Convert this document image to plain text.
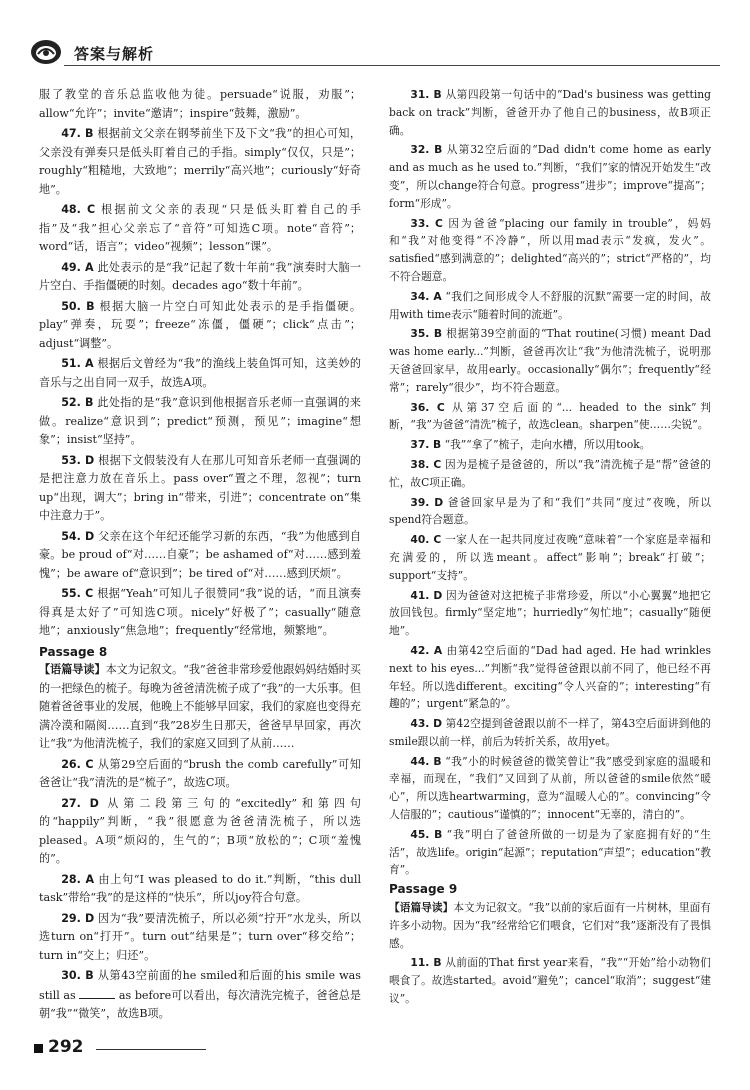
答案与解析

服了教堂的音乐总监收他为徒。persuade“说服，劝服”；allow“允许”；invite“邀请”；inspire“鼓舞，激励”。

47. B 根据前文父亲在钢琴前坐下及下文“我”的担心可知，父亲没有弹奏只是低头盯着自己的手指。simply“仅仅，只是”；roughly“粗糙地，大致地”；merrily“高兴地”；curiously“好奇地”。

48. C 根据前文父亲的表现“只是低头盯着自己的手指”及“我”担心父亲忘了“音符”可知选C项。note“音符”；word“话，语言”；video“视频”；lesson“课”。

49. A 此处表示的是“我”记起了数十年前“我”演奏时大脑一片空白、手指僵硬的时刻。decades ago“数十年前”。

50. B 根据大脑一片空白可知此处表示的是手指僵硬。play“弹奏，玩耍”；freeze“冻僵，僵硬”；click“点击”；adjust“调整”。

51. A 根据后文曾经为“我”的渔线上装鱼饵可知，这美妙的音乐与之出自同一双手，故选A项。

52. B 此处指的是“我”意识到他根据音乐老师一直强调的来做。realize“意识到”；predict“预测，预见”；imagine“想象”；insist“坚持”。

53. D 根据下文假装没有人在那儿可知音乐老师一直强调的是把注意力放在音乐上。pass over“置之不理，忽视”；turn up“出现，调大”；bring in“带来，引进”；concentrate on“集中注意力于”。

54. D 父亲在这个年纪还能学习新的东西，“我”为他感到自豪。be proud of“对……自豪”；be ashamed of“对……感到羞愧”；be aware of“意识到”；be tired of“对……感到厌烦”。

55. C 根据“Yeah”可知儿子很赞同“我”说的话，“而且演奏得真是太好了”可知选C项。nicely“好极了”；casually“随意地”；anxiously“焦急地”；frequently“经常地，频繁地”。

Passage 8

【语篇导读】本文为记叙文。“我”爸爸非常珍爱他跟妈妈结婚时买的一把绿色的梳子。每晚为爸爸清洗梳子成了“我”的一大乐事。但随着爸爸事业的发展，他晚上不能够早回家，我们的家庭也变得充满冷漠和隔阂……直到“我”28岁生日那天，爸爸早早回家，再次让“我”为他清洗梳子，我们的家庭又回到了从前……

26. C 从第29空后面的“brush the comb carefully”可知爸爸让“我”清洗的是“梳子”，故选C项。

27. D 从第二段第三句的“excitedly”和第四句的“happily”判断，“我”很愿意为爸爸清洗梳子，所以选pleased。A项“烦闷的，生气的”；B项“放松的”；C项“羞愧的”。

28. A 由上句“I was pleased to do it.”判断，“this dull task”带给“我”的是这样的“快乐”，所以joy符合句意。

29. D 因为“我”要清洗梳子，所以必须“拧开”水龙头，所以选turn on“打开”。turn out“结果是”；turn over“移交给”；turn in“交上；归还”。

30. B 从第43空前面的he smiled和后面的his smile was still as	as before可以看出，每次清洗完梳子，爸爸总是朝“我”“微笑”，故选B项。

31. B 从第四段第一句话中的“Dad's business was getting back on track”判断，爸爸开办了他自己的business，故B项正确。

32. B 从第32空后面的“Dad didn't come home as early and as much as he used to.”判断，“我们”家的情况开始发生“改变”，所以change符合句意。progress“进步”；improve“提高”；form“形成”。

33. C 因为爸爸“placing our family in trouble”，妈妈和“我”对他变得“不冷静”，所以用mad表示“发疯，发火”。satisfied“感到满意的”；delighted“高兴的”；strict“严格的”，均不符合题意。

34. A “我们之间形成令人不舒服的沉默”需要一定的时间，故用with time表示“随着时间的流逝”。

35. B 根据第39空前面的“That routine(习惯) meant Dad was home early...”判断，爸爸再次让“我”为他清洗梳子，说明那天爸爸回家早，故用early。occasionally“偶尔”；frequently“经常”；rarely“很少”，均不符合题意。

36. C 从第37空后面的“... headed to the sink”判断，“我”为爸爸“清洗”梳子，故选clean。sharpen“使……尖锐”。

37. B “我”“拿了”梳子，走向水槽，所以用took。

38. C 因为是梳子是爸爸的，所以“我”清洗梳子是“帮”爸爸的忙，故C项正确。

39. D 爸爸回家早是为了和“我们”共同“度过”夜晚，所以spend符合题意。

40. C 一家人在一起共同度过夜晚“意味着”一个家庭是幸福和充满爱的，所以选meant。affect“影响”；break“打破”；support“支持”。

41. D 因为爸爸对这把梳子非常珍爱，所以“小心翼翼”地把它放回钱包。firmly“坚定地”；hurriedly“匆忙地”；casually“随便地”。

42. A 由第42空后面的“Dad had aged. He had wrinkles next to his eyes...”判断“我”觉得爸爸跟以前不同了，他已经不再年轻。所以选different。exciting“令人兴奋的”；interesting“有趣的”；urgent“紧急的”。

43. D 第42空提到爸爸跟以前不一样了，第43空后面讲到他的smile跟以前一样，前后为转折关系，故用yet。

44. B “我”小的时候爸爸的微笑曾让“我”感受到家庭的温暖和幸福，而现在，“我们”又回到了从前，所以爸爸的smile依然“暖心”，所以选heartwarming，意为“温暖人心的”。convincing“令人信服的”；cautious“谨慎的”；innocent“无辜的，清白的”。

45. B “我”明白了爸爸所做的一切是为了家庭拥有好的“生活”，故选life。origin“起源”；reputation“声望”；education“教育”。

Passage 9

【语篇导读】本文为记叙文。“我”以前的家后面有一片树林，里面有许多小动物。因为“我”经常给它们喂食，它们对“我”逐渐没有了畏惧感。

11. B 从前面的That first year来看，“我”“开始”给小动物们喂食了。故选started。avoid“避免”；cancel“取消”；suggest“建议”。

292
